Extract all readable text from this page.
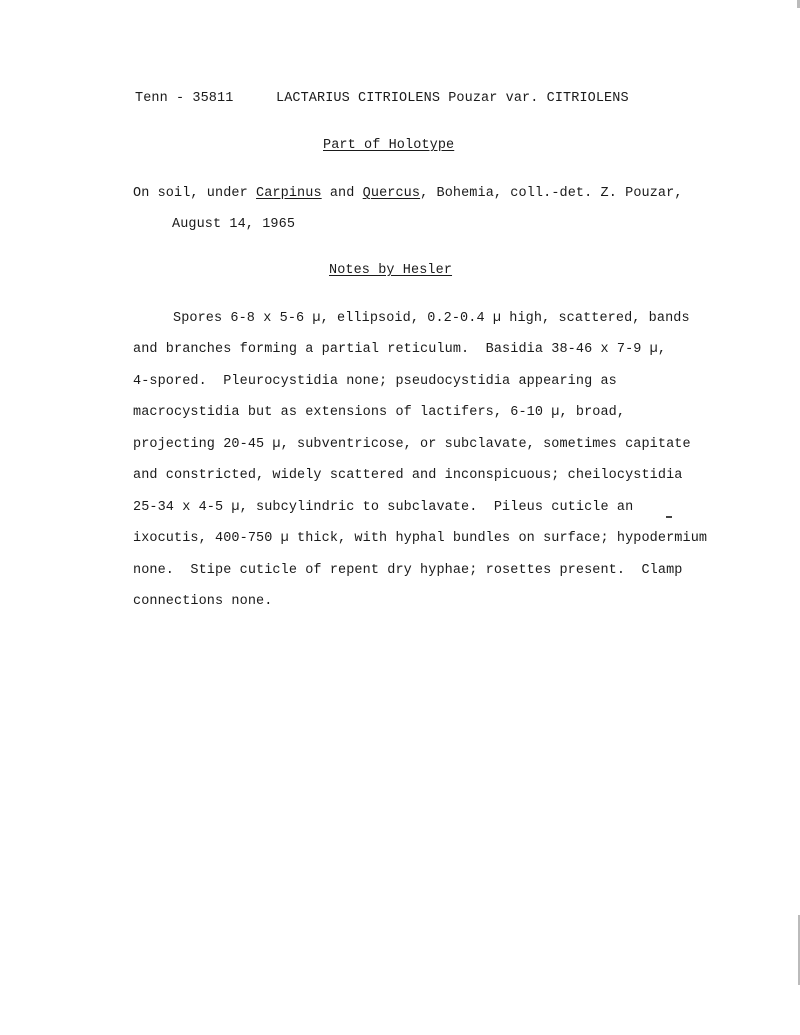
Tenn - 35811	LACTARIUS CITRIOLENS Pouzar var. CITRIOLENS
Part of Holotype
On soil, under Carpinus and Quercus, Bohemia, coll.-det. Z. Pouzar,
August 14, 1965
Notes by Hesler
Spores 6-8 x 5-6 µ, ellipsoid, 0.2-0.4 µ high, scattered, bands
and branches forming a partial reticulum.  Basidia 38-46 x 7-9 µ,
4-spored.  Pleurocystidia none; pseudocystidia appearing as
macrocystidia but as extensions of lactifers, 6-10 µ, broad,
projecting 20-45 µ, subventricose, or subclavate, sometimes capitate
and constricted, widely scattered and inconspicuous; cheilocystidia
25-34 x 4-5 µ, subcylindric to subclavate.  Pileus cuticle an
ixocutis, 400-750 µ thick, with hyphal bundles on surface; hypodermium
none.  Stipe cuticle of repent dry hyphae; rosettes present.  Clamp
connections none.
